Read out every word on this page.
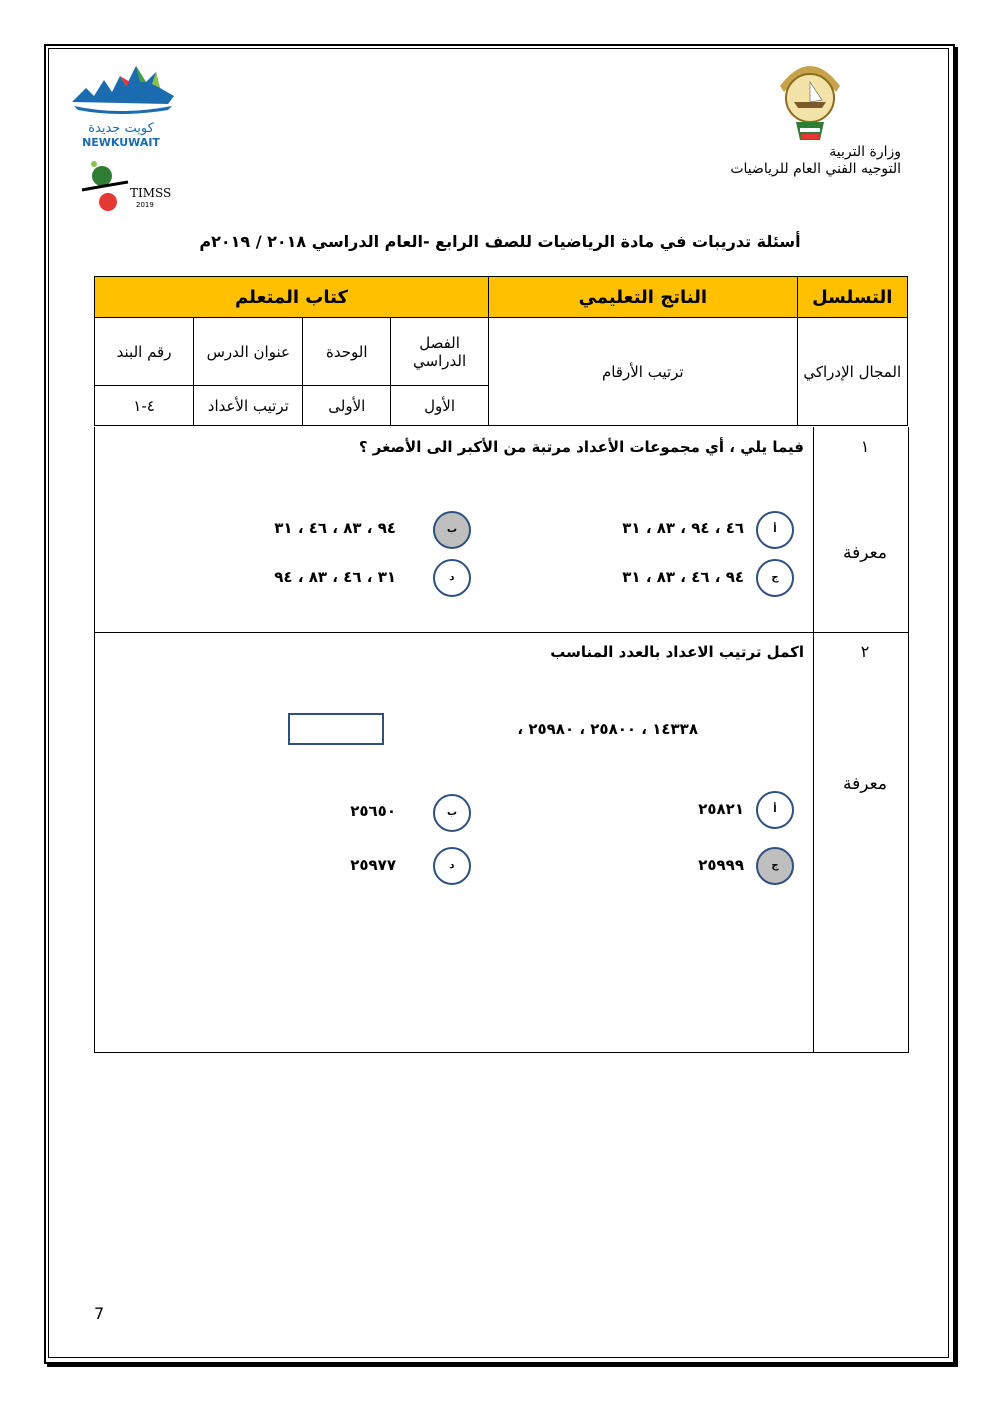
كويت جديدة
NEWKUWAIT
TIMSS
2019
وزارة التربية
التوجيه الفني العام للرياضيات
أسئلة تدريبات في مادة الرياضيات للصف الرابع -العام الدراسي ٢٠١٨ / ٢٠١٩م
التسلسل	الناتج التعليمي	كتاب المتعلم			
المجال الإدراكي	ترتيب الأرقام	الفصل الدراسي	الوحدة	عنوان الدرس	رقم البند
		الأول	الأولى	ترتيب الأعداد	٤-١
١
معرفة
فيما يلي ، أي مجموعات الأعداد مرتبة من الأكبر الى الأصغر ؟
أ
٤٦ ، ٩٤ ، ٨٣ ، ٣١
ب
٩٤ ، ٨٣ ، ٤٦ ، ٣١
ج
٩٤ ، ٤٦ ، ٨٣ ، ٣١
د
٣١ ، ٤٦ ، ٨٣ ، ٩٤
٢
معرفة
اكمل ترتيب الاعداد بالعدد المناسب
١٤٣٣٨ ، ٢٥٨٠٠ ، ٢٥٩٨٠ ،
أ
٢٥٨٢١
ب
٢٥٦٥٠
ج
٢٥٩٩٩
د
٢٥٩٧٧
7
